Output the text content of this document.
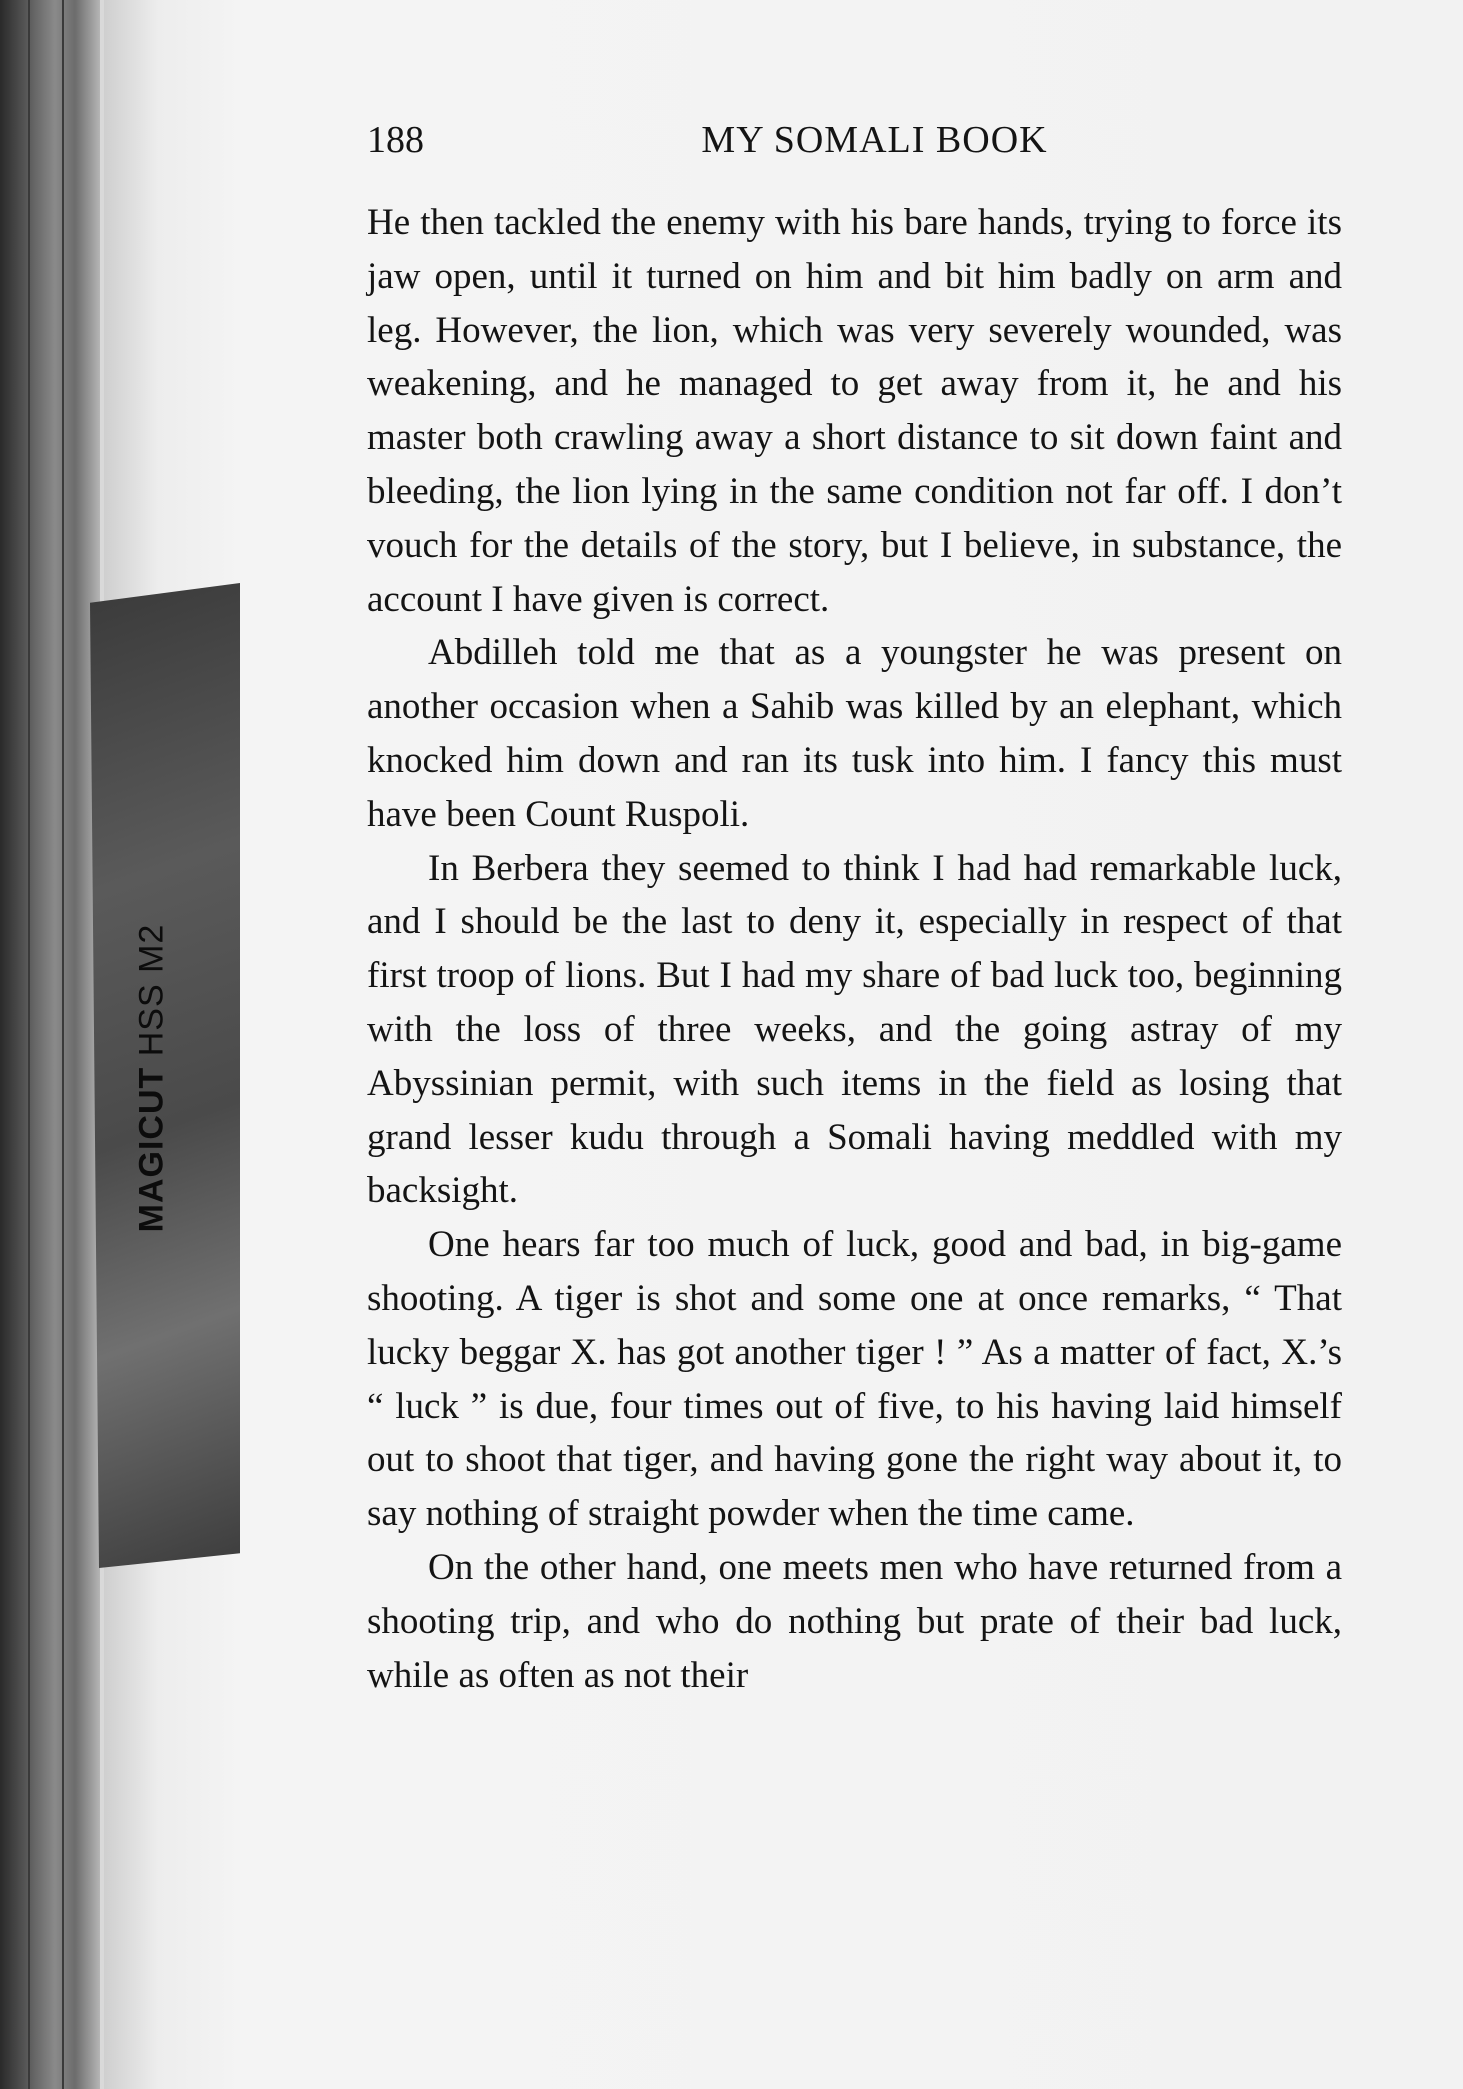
188	MY SOMALI BOOK

He then tackled the enemy with his bare hands, trying to force its jaw open, until it turned on him and bit him badly on arm and leg. However, the lion, which was very severely wounded, was weakening, and he managed to get away from it, he and his master both crawling away a short distance to sit down faint and bleeding, the lion lying in the same condition not far off. I don’t vouch for the details of the story, but I believe, in substance, the account I have given is correct.

Abdilleh told me that as a youngster he was present on another occasion when a Sahib was killed by an elephant, which knocked him down and ran its tusk into him. I fancy this must have been Count Ruspoli.

In Berbera they seemed to think I had had remarkable luck, and I should be the last to deny it, especially in respect of that first troop of lions. But I had my share of bad luck too, beginning with the loss of three weeks, and the going astray of my Abyssinian permit, with such items in the field as losing that grand lesser kudu through a Somali having meddled with my backsight.

One hears far too much of luck, good and bad, in big-game shooting. A tiger is shot and some one at once remarks, “ That lucky beggar X. has got another tiger ! ” As a matter of fact, X.’s “ luck ” is due, four times out of five, to his having laid himself out to shoot that tiger, and having gone the right way about it, to say nothing of straight powder when the time came.

On the other hand, one meets men who have returned from a shooting trip, and who do nothing but prate of their bad luck, while as often as not their

MAGICUT HSS M2
